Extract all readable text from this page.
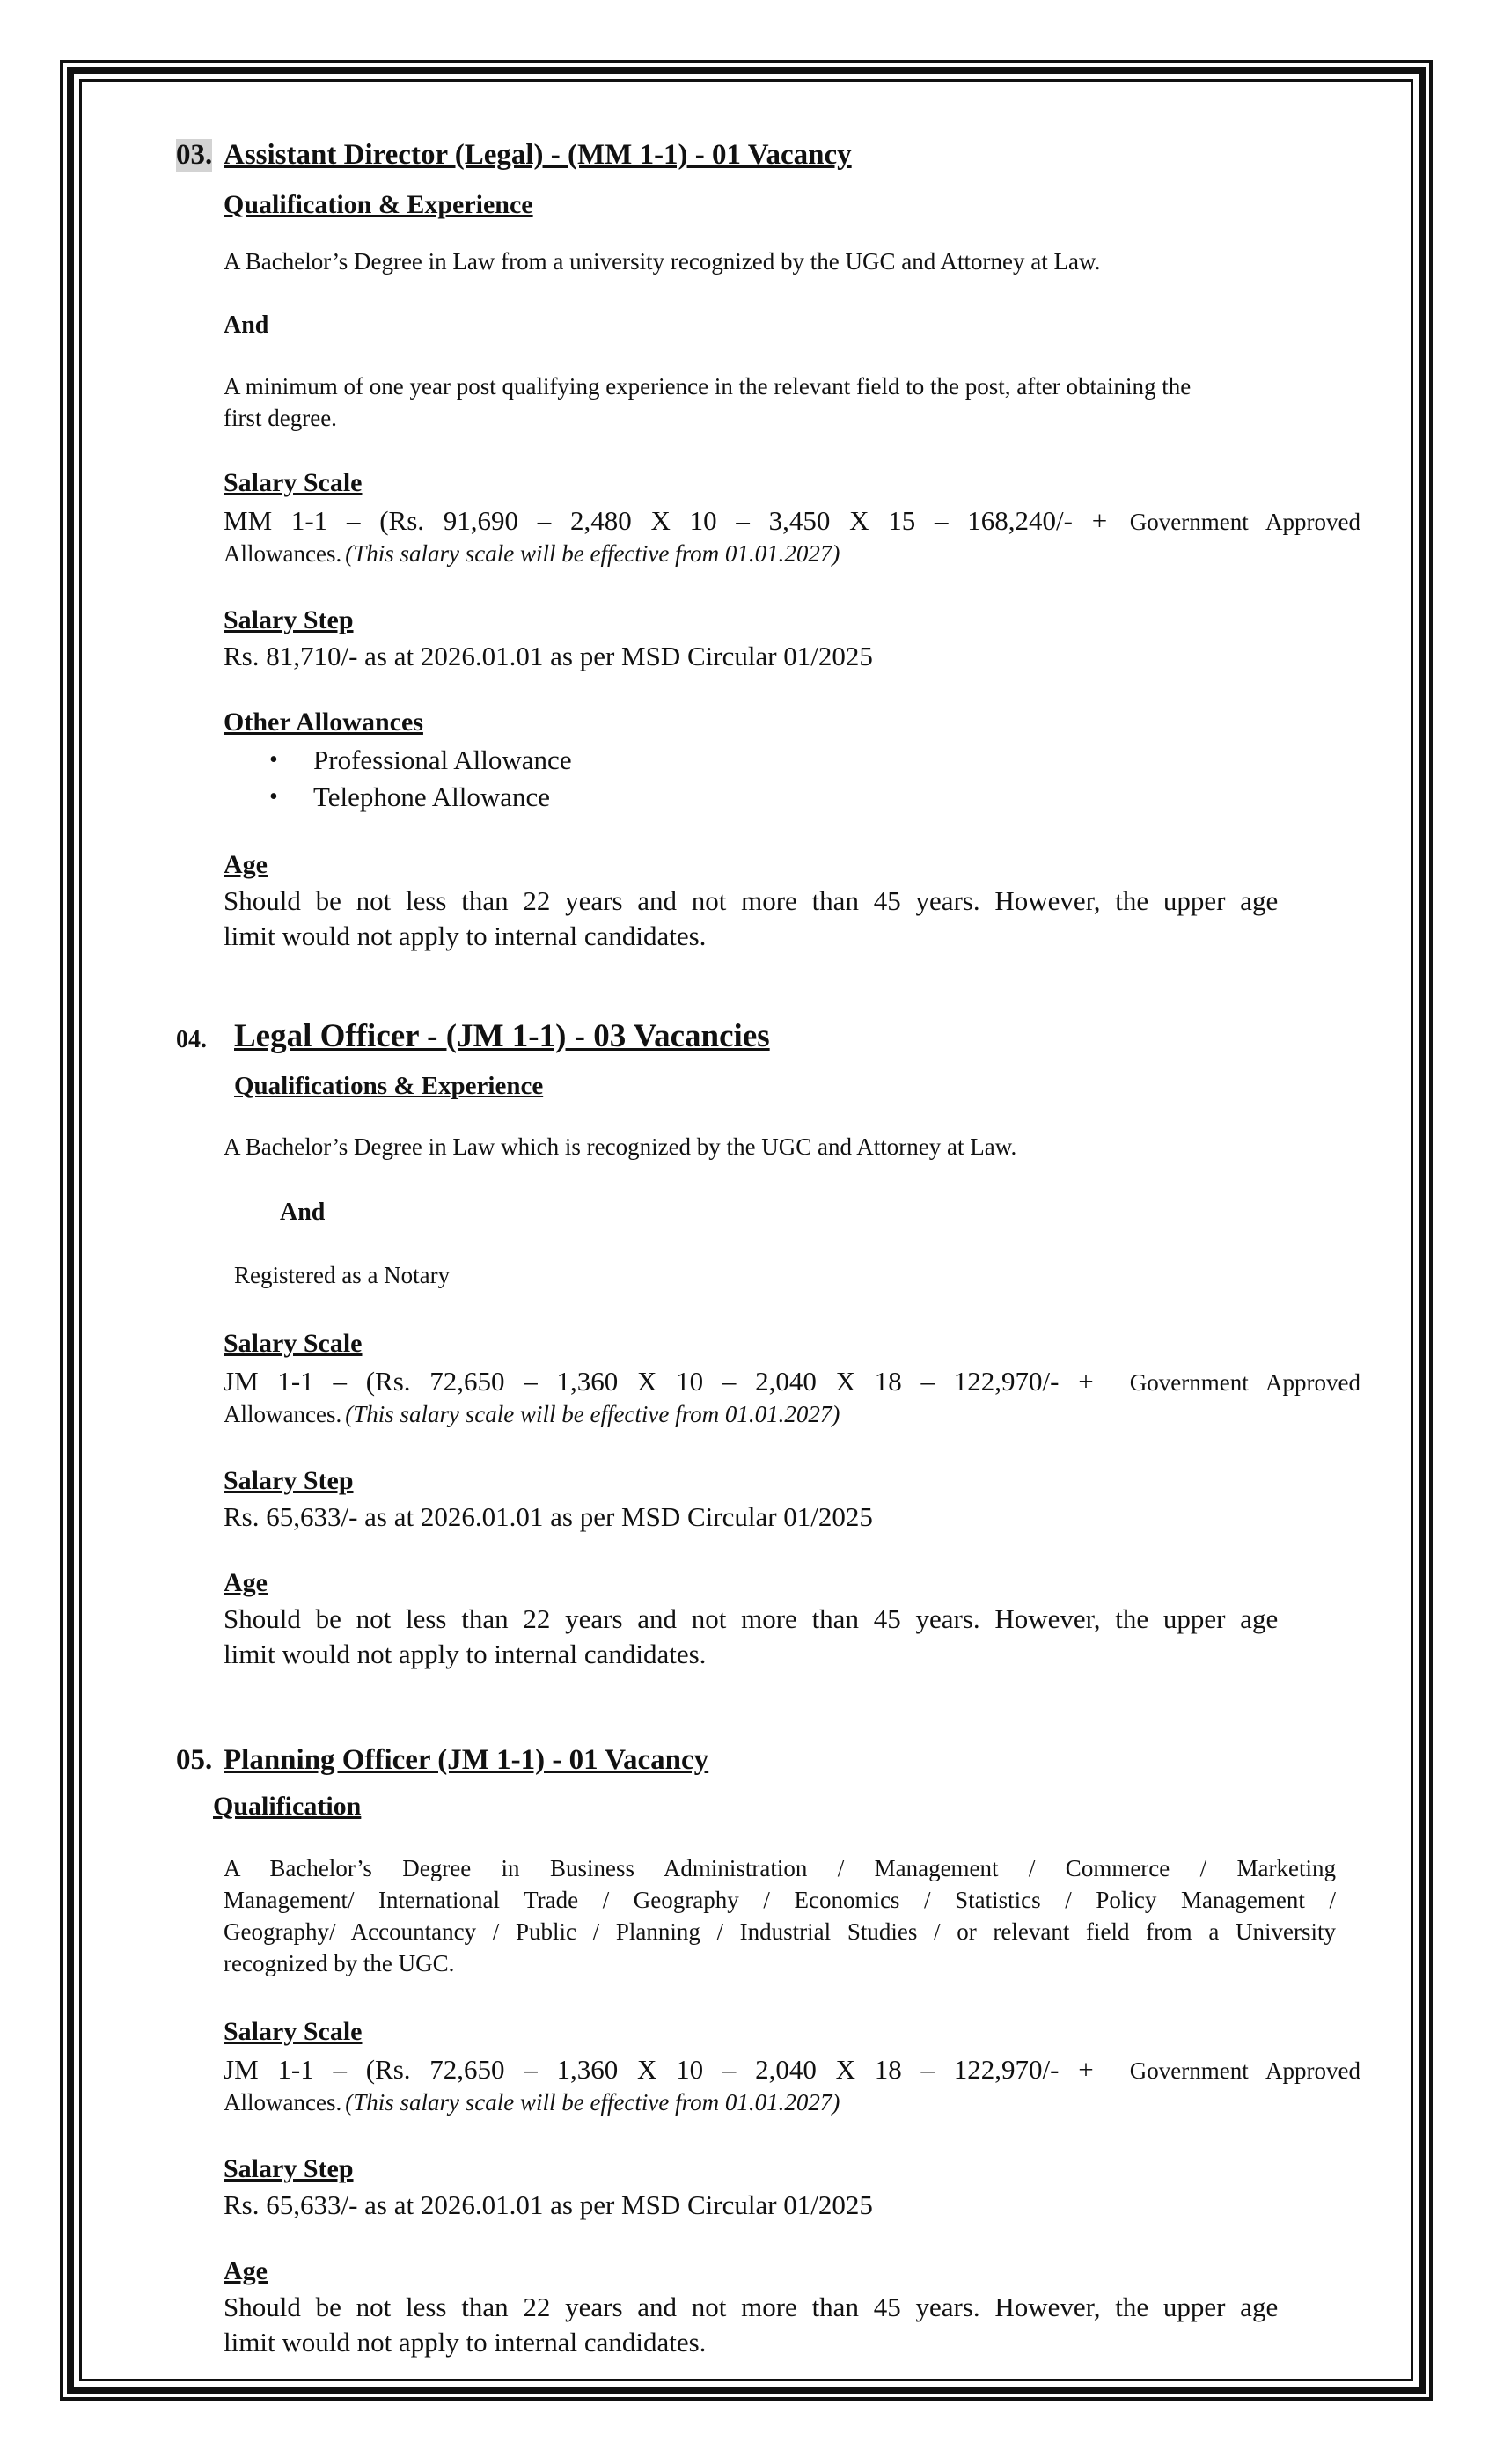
03. Assistant Director (Legal) - (MM 1-1) - 01 Vacancy
Qualification & Experience
A Bachelor’s Degree in Law from a university recognized by the UGC and Attorney at Law.
And
A minimum of one year post qualifying experience in the relevant field to the post, after obtaining the
first degree.
Salary Scale
MM 1-1 – (Rs. 91,690 – 2,480 X 10 – 3,450 X 15 – 168,240/- + Government Approved
Allowances. (This salary scale will be effective from 01.01.2027)
Salary Step
Rs. 81,710/- as at 2026.01.01 as per MSD Circular 01/2025
Other Allowances
• Professional Allowance
• Telephone Allowance
Age
Should be not less than 22 years and not more than 45 years. However, the upper age
limit would not apply to internal candidates.
04. Legal Officer - (JM 1-1) - 03 Vacancies
Qualifications & Experience
A Bachelor’s Degree in Law which is recognized by the UGC and Attorney at Law.
And
Registered as a Notary
Salary Scale
JM 1-1 – (Rs. 72,650 – 1,360 X 10 – 2,040 X 18 – 122,970/- + Government Approved
Allowances. (This salary scale will be effective from 01.01.2027)
Salary Step
Rs. 65,633/- as at 2026.01.01 as per MSD Circular 01/2025
Age
Should be not less than 22 years and not more than 45 years. However, the upper age
limit would not apply to internal candidates.
05. Planning Officer (JM 1-1) - 01 Vacancy
Qualification
A Bachelor’s Degree in Business Administration / Management / Commerce / Marketing
Management/ International Trade / Geography / Economics / Statistics / Policy Management /
Geography/ Accountancy / Public / Planning / Industrial Studies / or relevant field from a University
recognized by the UGC.
Salary Scale
JM 1-1 – (Rs. 72,650 – 1,360 X 10 – 2,040 X 18 – 122,970/- + Government Approved
Allowances. (This salary scale will be effective from 01.01.2027)
Salary Step
Rs. 65,633/- as at 2026.01.01 as per MSD Circular 01/2025
Age
Should be not less than 22 years and not more than 45 years. However, the upper age
limit would not apply to internal candidates.
